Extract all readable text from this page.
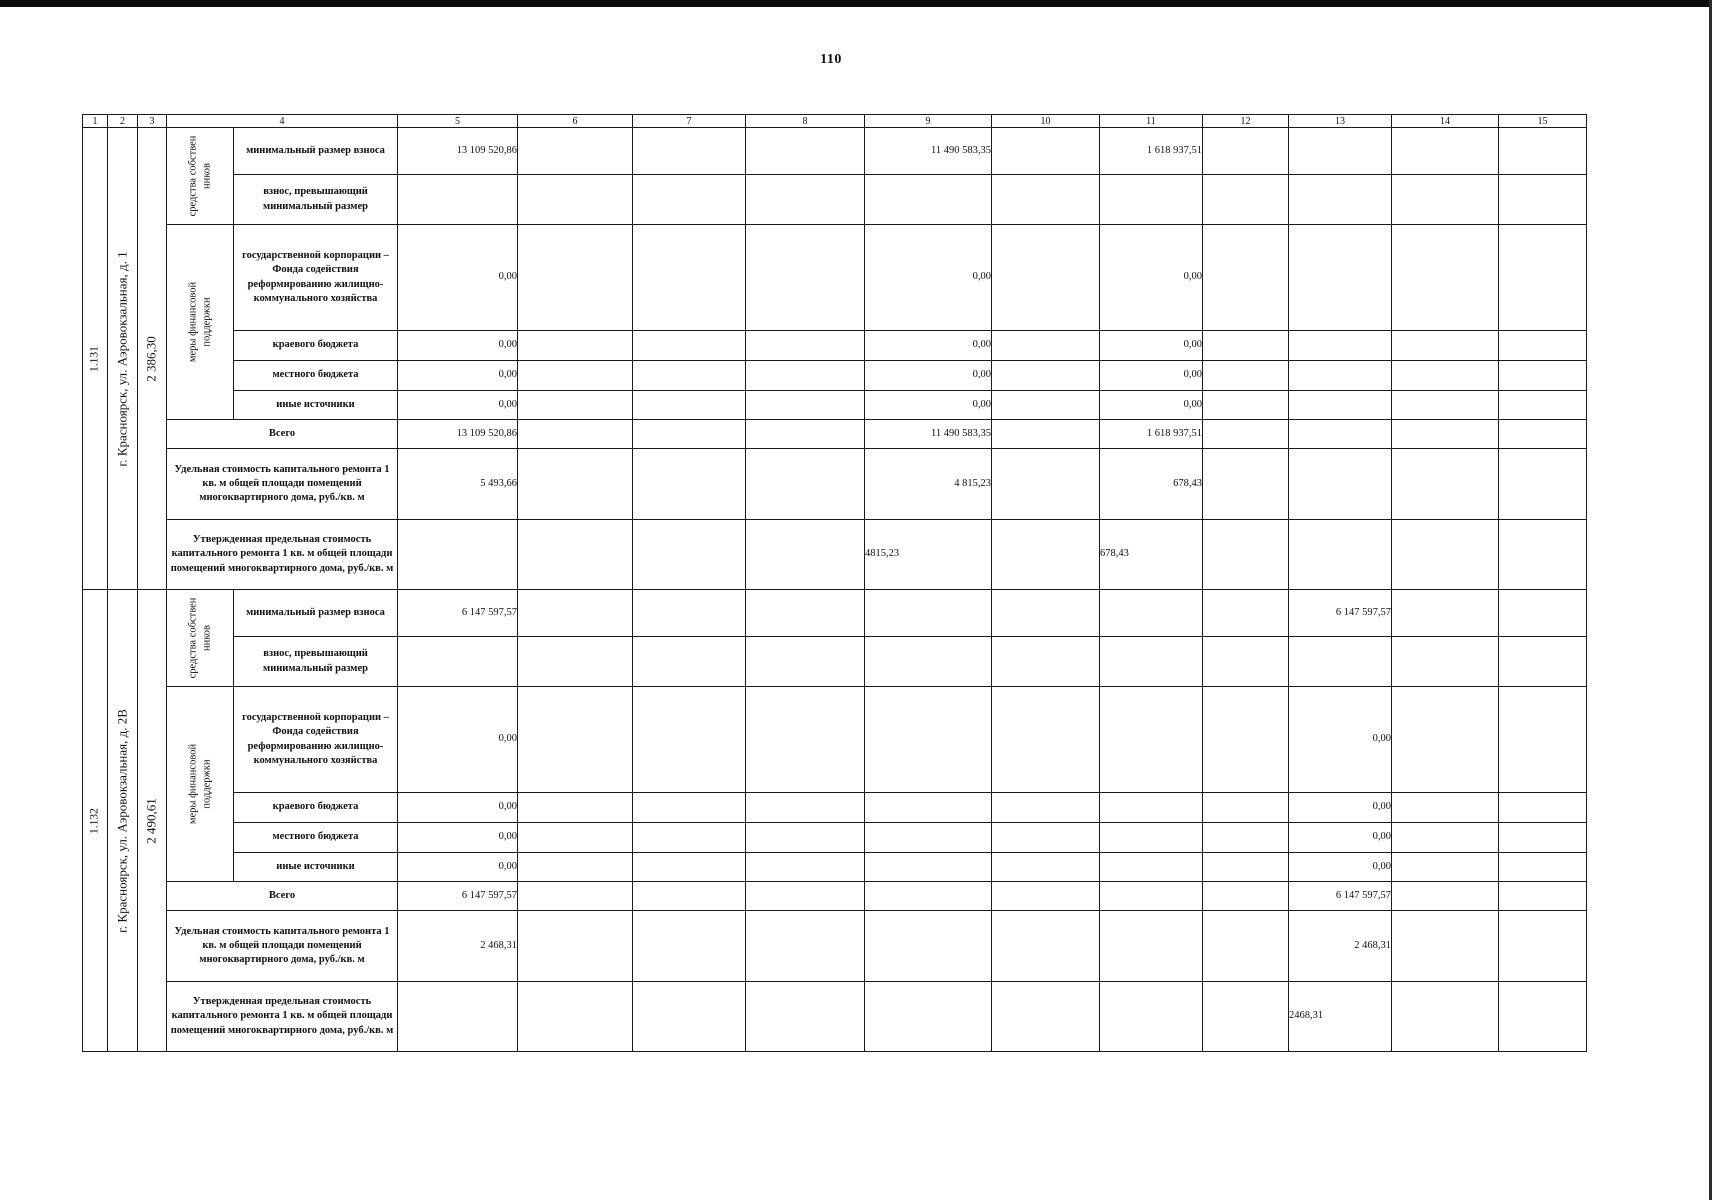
110
1	2	3	4		5	6	7	8	9	10	11	12	13	14	15

1.131	г. Красноярск, ул. Аэровокзальная, д. 1	2 386,30	средства собствен ников	минимальный размер взноса	13 109 520,86				11 490 583,35		1 618 937,51				
				взнос, превышающий минимальный размер											

			меры финансовой поддержки	государственной корпорации – Фонда содействия реформированию жилищно-коммунального хозяйства	0,00				0,00		0,00				
				краевого бюджета	0,00				0,00		0,00				
				местного бюджета	0,00				0,00		0,00				
				иные источники	0,00				0,00		0,00				
			Всего		13 109 520,86				11 490 583,35		1 618 937,51				
			Удельная стоимость капитального ремонта 1 кв. м общей площади помещений многоквартирного дома, руб./кв. м		5 493,66				4 815,23		678,43				
			Утвержденная предельная стоимость капитального ремонта 1 кв. м общей площади помещений многоквартирного дома, руб./кв. м						4815,23		678,43				

1.132	г. Красноярск, ул. Аэровокзальная, д. 2В	2 490,61	средства собствен ников	минимальный размер взноса	6 147 597,57								6 147 597,57		
				взнос, превышающий минимальный размер											

			меры финансовой поддержки	государственной корпорации – Фонда содействия реформированию жилищно-коммунального хозяйства	0,00								0,00		
				краевого бюджета	0,00								0,00		
				местного бюджета	0,00								0,00		
				иные источники	0,00								0,00		
			Всего		6 147 597,57								6 147 597,57		
			Удельная стоимость капитального ремонта 1 кв. м общей площади помещений многоквартирного дома, руб./кв. м		2 468,31								2 468,31		
			Утвержденная предельная стоимость капитального ремонта 1 кв. м общей площади помещений многоквартирного дома, руб./кв. м										2468,31		
